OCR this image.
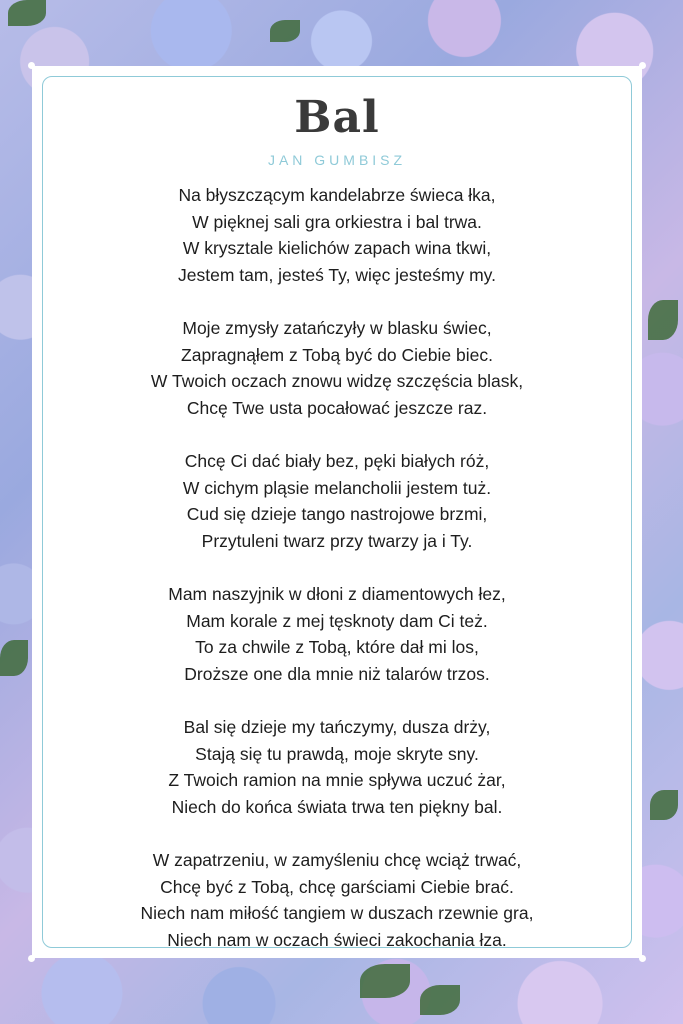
Bal
JAN GUMBISZ
Na błyszczącym kandelabrze świeca łka,
W pięknej sali gra orkiestra i bal trwa.
W krysztale kielichów zapach wina tkwi,
Jestem tam, jesteś Ty, więc jesteśmy my.
Moje zmysły zatańczyły w blasku świec,
Zapragnąłem z Tobą być do Ciebie biec.
W Twoich oczach znowu widzę szczęścia blask,
Chcę Twe usta pocałować jeszcze raz.
Chcę Ci dać biały bez, pęki białych róż,
W cichym pląsie melancholii jestem tuż.
Cud się dzieje tango nastrojowe brzmi,
Przytuleni twarz przy twarzy ja i Ty.
Mam naszyjnik w dłoni z diamentowych łez,
Mam korale z mej tęsknoty dam Ci też.
To za chwile z Tobą, które dał mi los,
Droższe one dla mnie niż talarów trzos.
Bal się dzieje my tańczymy, dusza drży,
Stają się tu prawdą, moje skryte sny.
Z Twoich ramion na mnie spływa uczuć żar,
Niech do końca świata trwa ten piękny bal.
W zapatrzeniu, w zamyśleniu chcę wciąż trwać,
Chcę być z Tobą, chcę garściami Ciebie brać.
Niech nam miłość tangiem w duszach rzewnie gra,
Niech nam w oczach świeci zakochania łza.
